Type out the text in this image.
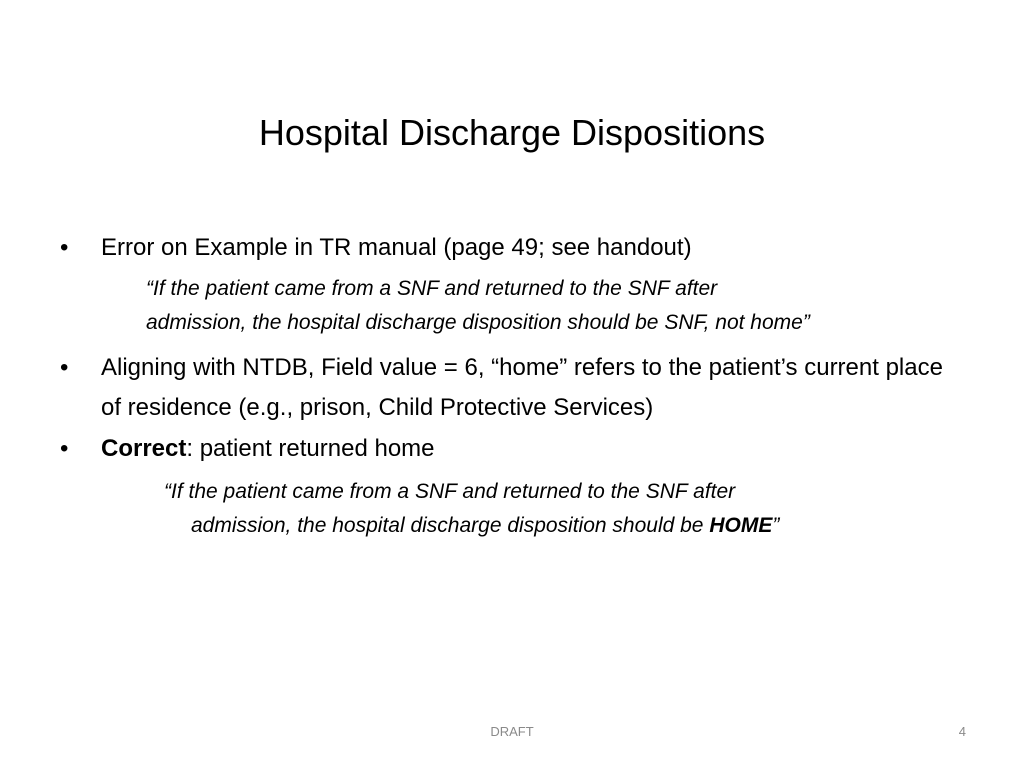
Hospital Discharge Dispositions
•	Error on Example in TR manual (page 49; see handout)
“If the patient came from a SNF and returned to the SNF after
admission, the hospital discharge disposition should be SNF, not home”
•	Aligning with NTDB, Field value = 6, “home” refers to the patient’s current place of residence (e.g., prison, Child Protective Services)
•	Correct: patient returned home
“If the patient came from a SNF and returned to the SNF after
admission, the hospital discharge disposition should be HOME”
DRAFT	4
